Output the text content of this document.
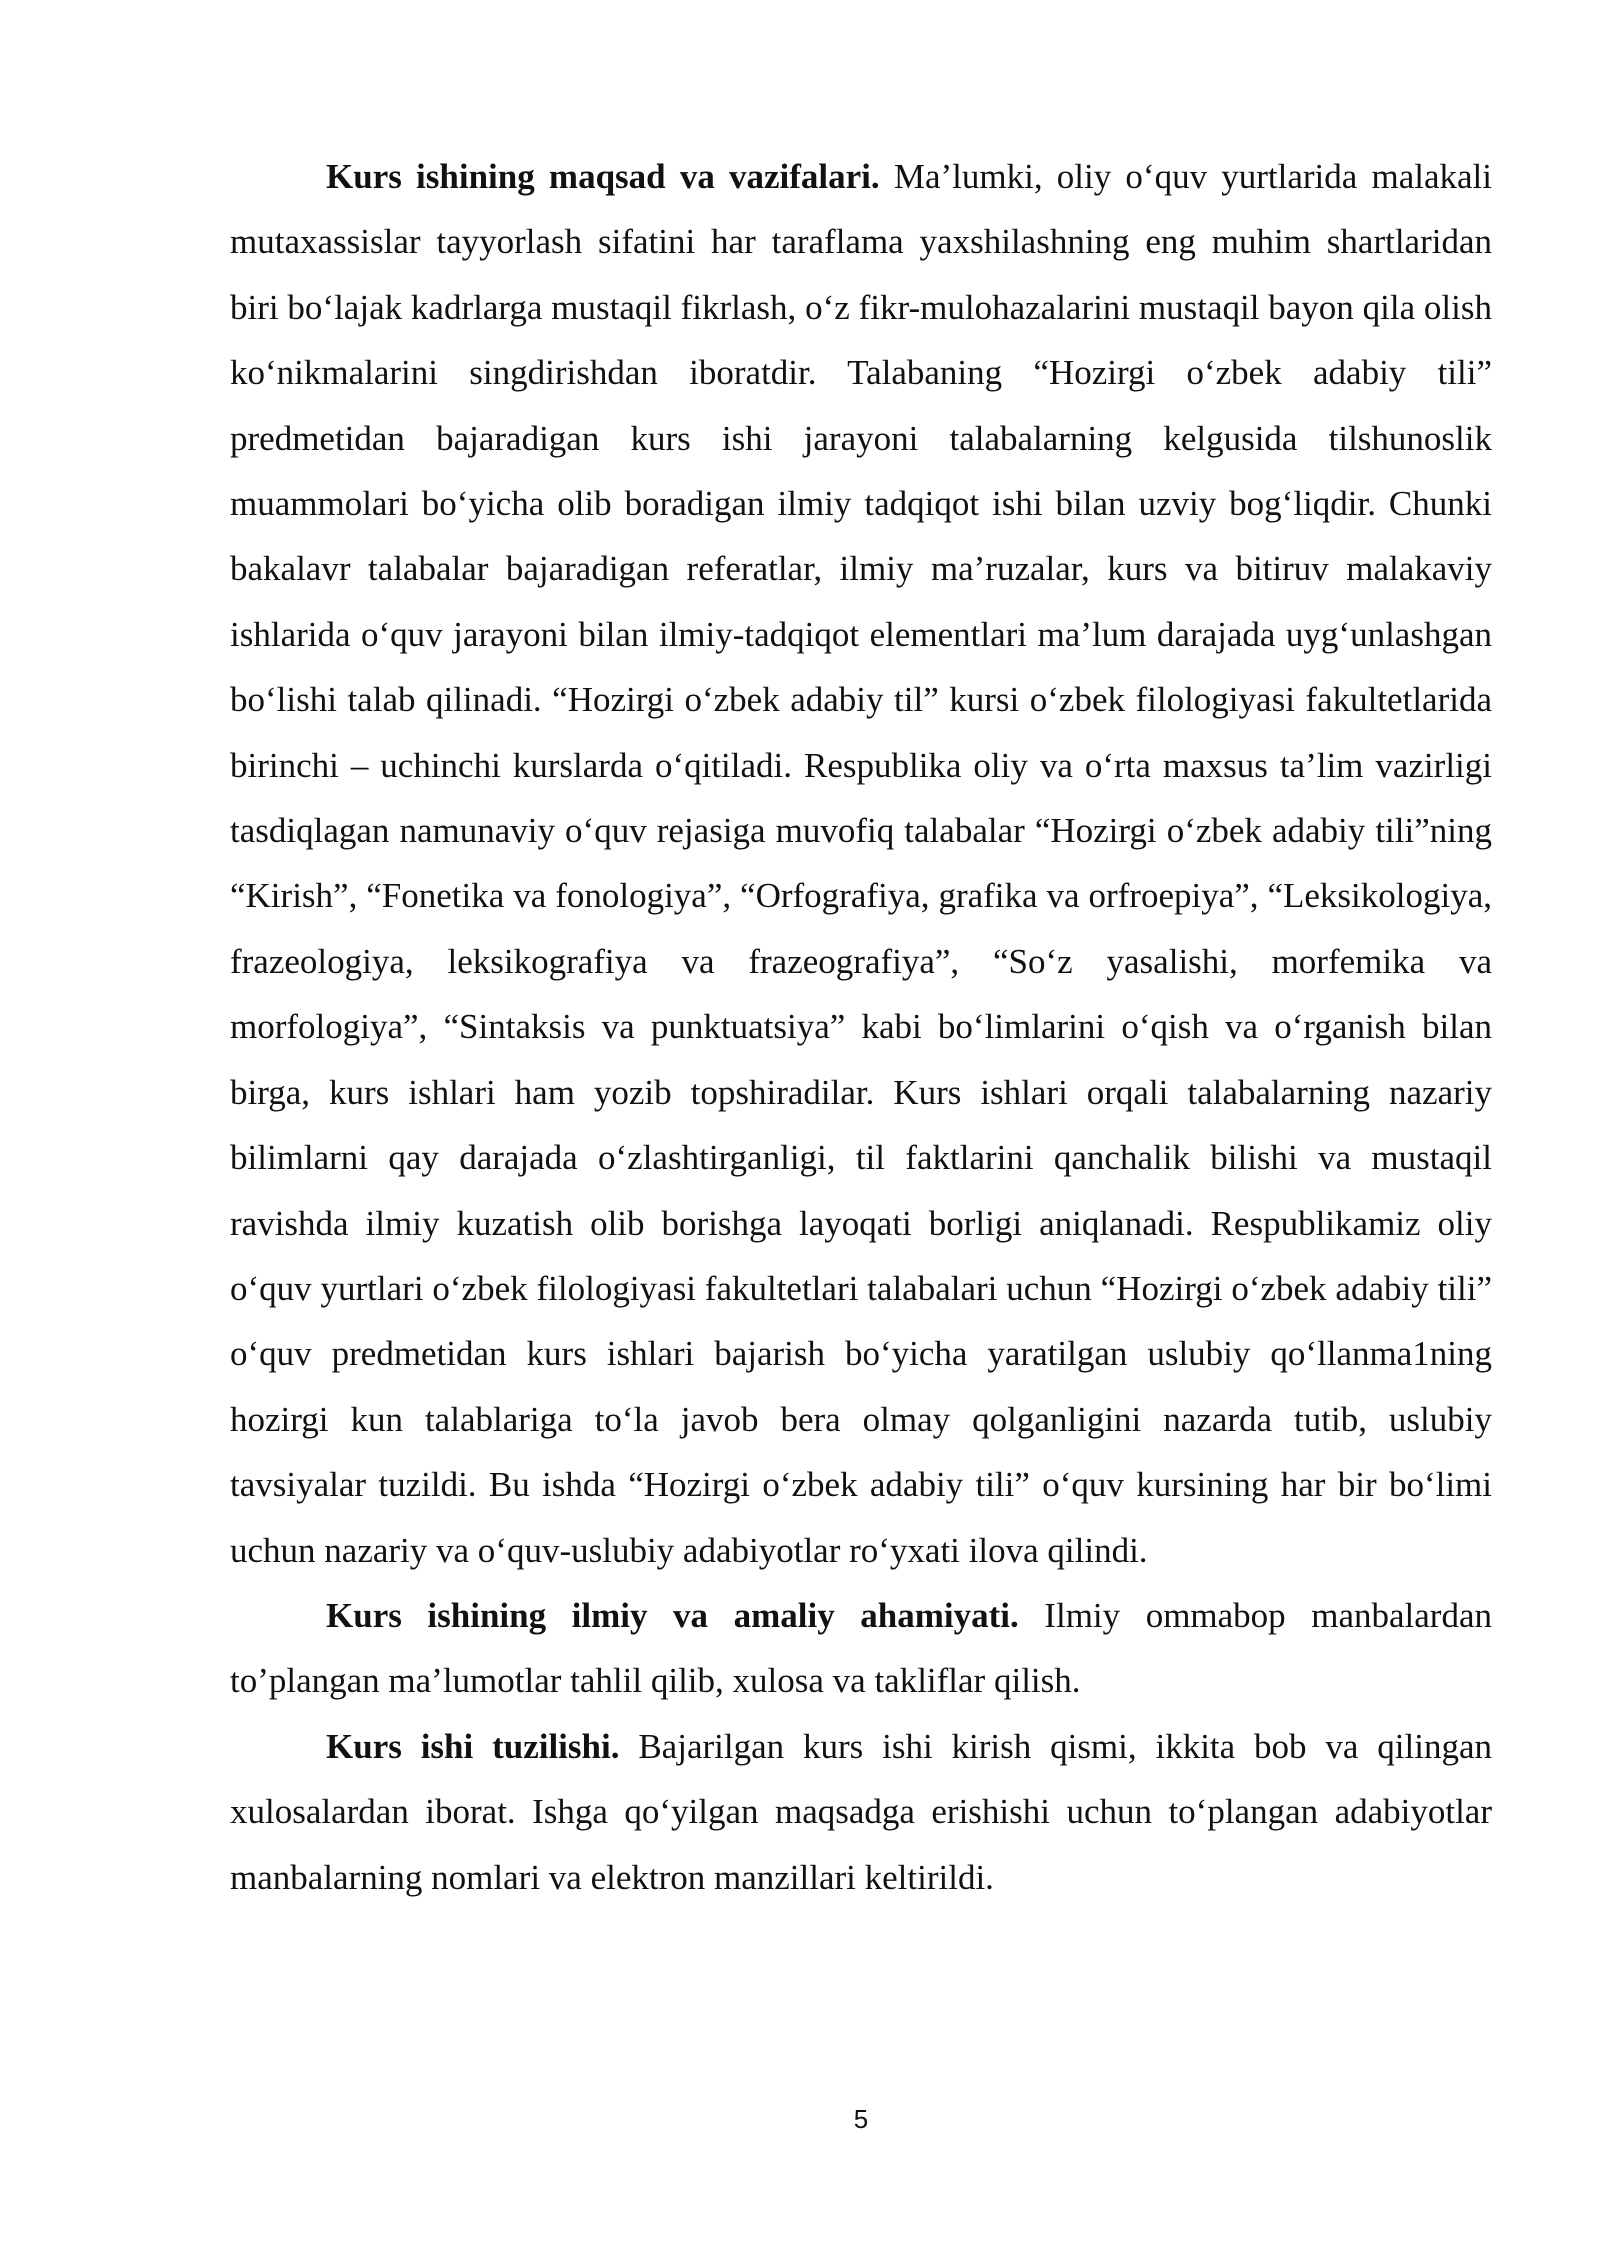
Kurs ishining maqsad va vazifalari. Ma’lumki, oliy o‘quv yurtlarida malakali mutaxassislar tayyorlash sifatini har taraflama yaxshilashning eng muhim shartlaridan biri bo‘lajak kadrlarga mustaqil fikrlash, o‘z fikr-mulohazalarini mustaqil bayon qila olish ko‘nikmalarini singdirishdan iboratdir. Talabaning “Hozirgi o‘zbek adabiy tili” predmetidan bajaradigan kurs ishi jarayoni talabalarning kelgusida tilshunoslik muammolari bo‘yicha olib boradigan ilmiy tadqiqot ishi bilan uzviy bog‘liqdir. Chunki bakalavr talabalar bajaradigan referatlar, ilmiy ma’ruzalar, kurs va bitiruv malakaviy ishlarida o‘quv jarayoni bilan ilmiy-tadqiqot elementlari ma’lum darajada uyg‘unlashgan bo‘lishi talab qilinadi. “Hozirgi o‘zbek adabiy til” kursi o‘zbek filologiyasi fakultetlarida birinchi – uchinchi kurslarda o‘qitiladi. Respublika oliy va o‘rta maxsus ta’lim vazirligi tasdiqlagan namunaviy o‘quv rejasiga muvofiq talabalar “Hozirgi o‘zbek adabiy tili”ning “Kirish”, “Fonetika va fonologiya”, “Orfografiya, grafika va orfroepiya”, “Leksikologiya, frazeologiya, leksikografiya va frazeografiya”, “So‘z yasalishi, morfemika va morfologiya”, “Sintaksis va punktuatsiya” kabi bo‘limlarini o‘qish va o‘rganish bilan birga, kurs ishlari ham yozib topshiradilar. Kurs ishlari orqali talabalarning nazariy bilimlarni qay darajada o‘zlashtirganligi, til faktlarini qanchalik bilishi va mustaqil ravishda ilmiy kuzatish olib borishga layoqati borligi aniqlanadi. Respublikamiz oliy o‘quv yurtlari o‘zbek filologiyasi fakultetlari talabalari uchun “Hozirgi o‘zbek adabiy tili” o‘quv predmetidan kurs ishlari bajarish bo‘yicha yaratilgan uslubiy qo‘llanma1ning hozirgi kun talablariga to‘la javob bera olmay qolganligini nazarda tutib, uslubiy tavsiyalar tuzildi. Bu ishda “Hozirgi o‘zbek adabiy tili” o‘quv kursining har bir bo‘limi uchun nazariy va o‘quv-uslubiy adabiyotlar ro‘yxati ilova qilindi.

Kurs ishining ilmiy va amaliy ahamiyati. Ilmiy ommabop manbalardan to’plangan ma’lumotlar tahlil qilib, xulosa va takliflar qilish.

Kurs ishi tuzilishi. Bajarilgan kurs ishi kirish qismi, ikkita bob va qilingan xulosalardan iborat. Ishga qo‘yilgan maqsadga erishishi uchun to‘plangan adabiyotlar manbalarning nomlari va elektron manzillari keltirildi.

5
